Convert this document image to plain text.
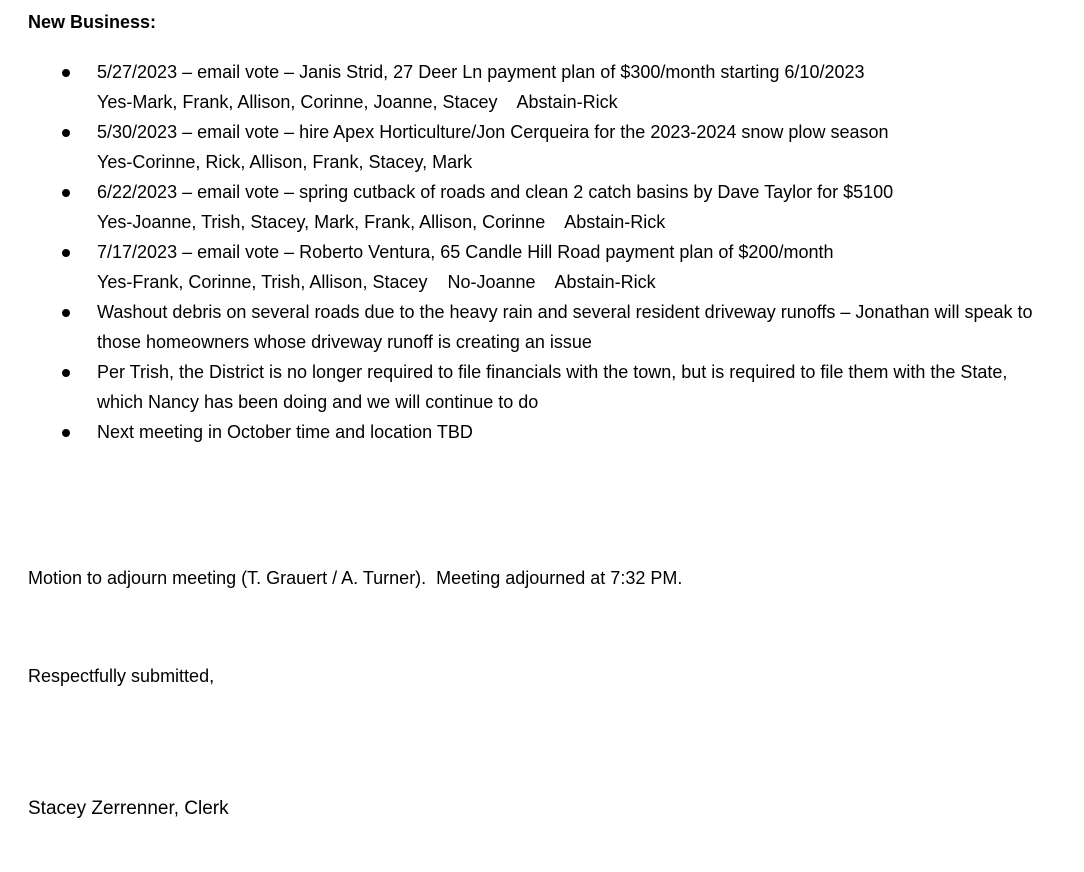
New Business:

5/27/2023 – email vote – Janis Strid, 27 Deer Ln payment plan of $300/month starting 6/10/2023
Yes-Mark, Frank, Allison, Corinne, Joanne, Stacey    Abstain-Rick
5/30/2023 – email vote – hire Apex Horticulture/Jon Cerqueira for the 2023-2024 snow plow season
Yes-Corinne, Rick, Allison, Frank, Stacey, Mark
6/22/2023 – email vote – spring cutback of roads and clean 2 catch basins by Dave Taylor for $5100
Yes-Joanne, Trish, Stacey, Mark, Frank, Allison, Corinne    Abstain-Rick
7/17/2023 – email vote – Roberto Ventura, 65 Candle Hill Road payment plan of $200/month
Yes-Frank, Corinne, Trish, Allison, Stacey    No-Joanne    Abstain-Rick
Washout debris on several roads due to the heavy rain and several resident driveway runoffs – Jonathan will speak to those homeowners whose driveway runoff is creating an issue
Per Trish, the District is no longer required to file financials with the town, but is required to file them with the State, which Nancy has been doing and we will continue to do
Next meeting in October time and location TBD

Motion to adjourn meeting (T. Grauert / A. Turner).  Meeting adjourned at 7:32 PM.

Respectfully submitted,

Stacey Zerrenner, Clerk
